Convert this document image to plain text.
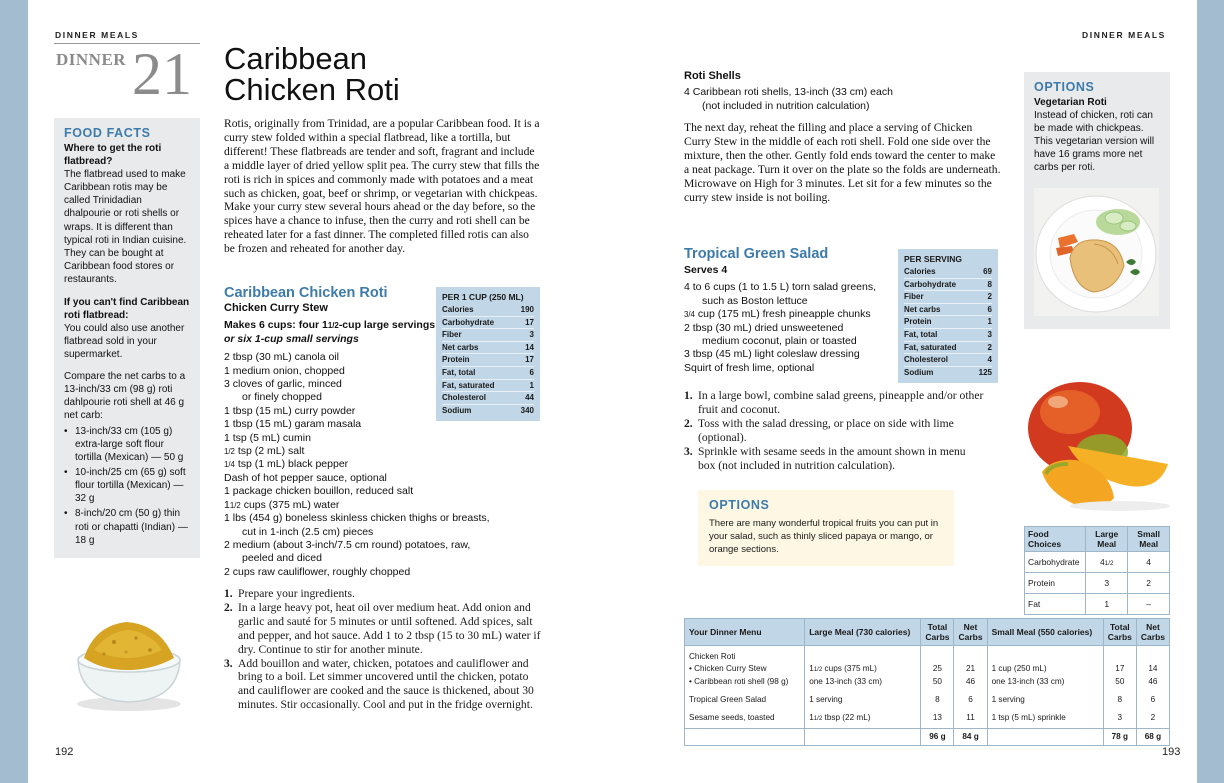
DINNER MEALS
DINNER 21 Caribbean
Chicken Roti
Rotis, originally from Trinidad, are a popular Caribbean food. It is a curry stew folded within a special flatbread, like a tortilla, but different! These flatbreads are tender and soft, fragrant and include a middle layer of dried yellow split pea. The curry stew that fills the roti is rich in spices and commonly made with potatoes and a meat such as chicken, goat, beef or shrimp, or vegetarian with chickpeas. Make your curry stew several hours ahead or the day before, so the spices have a chance to infuse, then the curry and roti shell can be reheated later for a fast dinner. The completed filled rotis can also be frozen and reheated for another day.
FOOD FACTS
Where to get the roti flatbread?
The flatbread used to make Caribbean rotis may be called Trinidadian dhalpourie or roti shells or wraps. It is different than typical roti in Indian cuisine. They can be bought at Caribbean food stores or restaurants.
If you can't find Caribbean roti flatbread:
You could also use another flatbread sold in your supermarket.
Compare the net carbs to a 13-inch/33 cm (98 g) roti dahlpourie roti shell at 46 g net carb:
• 13-inch/33 cm (105 g) extra-large soft flour tortilla (Mexican) — 50 g
• 10-inch/25 cm (65 g) soft flour tortilla (Mexican) — 32 g
• 8-inch/20 cm (50 g) thin roti or chapatti (Indian) — 18 g
Caribbean Chicken Roti
Chicken Curry Stew
Makes 6 cups: four 11/2-cup large servings
or six 1-cup small servings
2 tbsp (30 mL) canola oil
1 medium onion, chopped
3 cloves of garlic, minced
or finely chopped
1 tbsp (15 mL) curry powder
1 tbsp (15 mL) garam masala
1 tsp (5 mL) cumin
1/2 tsp (2 mL) salt
1/4 tsp (1 mL) black pepper
Dash of hot pepper sauce, optional
1 package chicken bouillon, reduced salt
11/2 cups (375 mL) water
1 lbs (454 g) boneless skinless chicken thighs or breasts,
cut in 1-inch (2.5 cm) pieces
2 medium (about 3-inch/7.5 cm round) potatoes, raw,
peeled and diced
2 cups raw cauliflower, roughly chopped
PER 1 CUP (250 ML)
Calories	190
Carbohydrate	17
Fiber	3
Net carbs	14
Protein	17
Fat, total	6
Fat, saturated	1
Cholesterol	44
Sodium	340
1. Prepare your ingredients.
2. In a large heavy pot, heat oil over medium heat. Add onion and garlic and sauté for 5 minutes or until softened. Add spices, salt and pepper, and hot sauce. Add 1 to 2 tbsp (15 to 30 mL) water if dry. Continue to stir for another minute.
3. Add bouillon and water, chicken, potatoes and cauliflower and bring to a boil. Let simmer uncovered until the chicken, potato and cauliflower are cooked and the sauce is thickened, about 30 minutes. Stir occasionally. Cool and put in the fridge overnight.
192
DINNER MEALS
Roti Shells
4 Caribbean roti shells, 13-inch (33 cm) each
(not included in nutrition calculation)
The next day, reheat the filling and place a serving of Chicken Curry Stew in the middle of each roti shell. Fold one side over the mixture, then the other. Gently fold ends toward the center to make a neat package. Turn it over on the plate so the folds are underneath. Microwave on High for 3 minutes. Let sit for a few minutes so the curry stew inside is not boiling.
Tropical Green Salad
Serves 4
4 to 6 cups (1 to 1.5 L) torn salad greens,
such as Boston lettuce
3/4 cup (175 mL) fresh pineapple chunks
2 tbsp (30 mL) dried unsweetened
medium coconut, plain or toasted
3 tbsp (45 mL) light coleslaw dressing
Squirt of fresh lime, optional
PER SERVING
Calories	69
Carbohydrate	8
Fiber	2
Net carbs	6
Protein	1
Fat, total	3
Fat, saturated	2
Cholesterol	4
Sodium	125
1. In a large bowl, combine salad greens, pineapple and/or other fruit and coconut.
2. Toss with the salad dressing, or place on side with lime (optional).
3. Sprinkle with sesame seeds in the amount shown in menu box (not included in nutrition calculation).
OPTIONS
There are many wonderful tropical fruits you can put in your salad, such as thinly sliced papaya or mango, or orange sections.
OPTIONS
Vegetarian Roti
Instead of chicken, roti can be made with chickpeas. This vegetarian version will have 16 grams more net carbs per roti.
Food Choices	Large Meal	Small Meal
Carbohydrate	41/2	4
Protein	3	2
Fat	1	–
Your Dinner Menu	Large Meal (730 calories)	Total Carbs	Net Carbs	Small Meal (550 calories)	Total Carbs	Net Carbs
Chicken Roti						
• Chicken Curry Stew	11/2 cups (375 mL)	25	21	1 cup (250 mL)	17	14
• Caribbean roti shell (98 g)	one 13-inch (33 cm)	50	46	one 13-inch (33 cm)	50	46
Tropical Green Salad	1 serving	8	6	1 serving	8	6
Sesame seeds, toasted	11/2 tbsp (22 mL)	13	11	1 tsp (5 mL) sprinkle	3	2
		96 g	84 g		78 g	68 g
193
